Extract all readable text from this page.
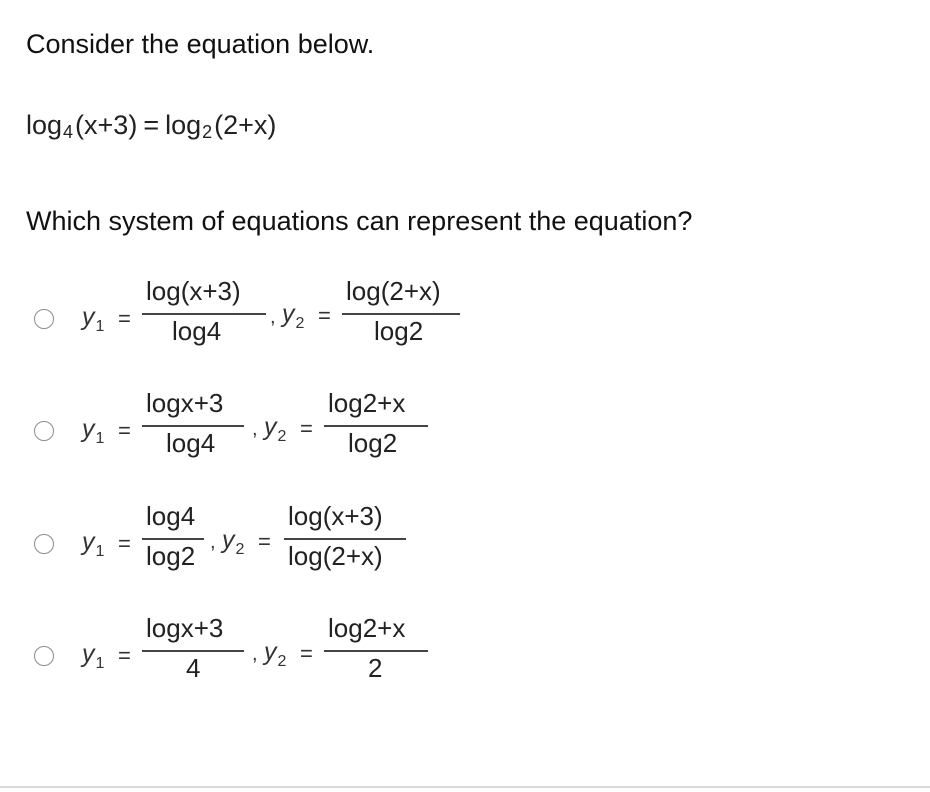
Consider the equation below.
log 4 (x+3) = log 2 (2+x)
Which system of equations can represent the equation?
$y_1$ =
log(x+3)
log4 , $y_2$ =
log(2+x)
log2
$y_1$ =
logx+3
log4 , $y_2$ =
log2+x
log2
$y_1$ =
log4
log2 , $y_2$ =
log(x+3)
log(2+x)
$y_1$ =
logx+3
4	, $y_2$ =
log2+x
2
